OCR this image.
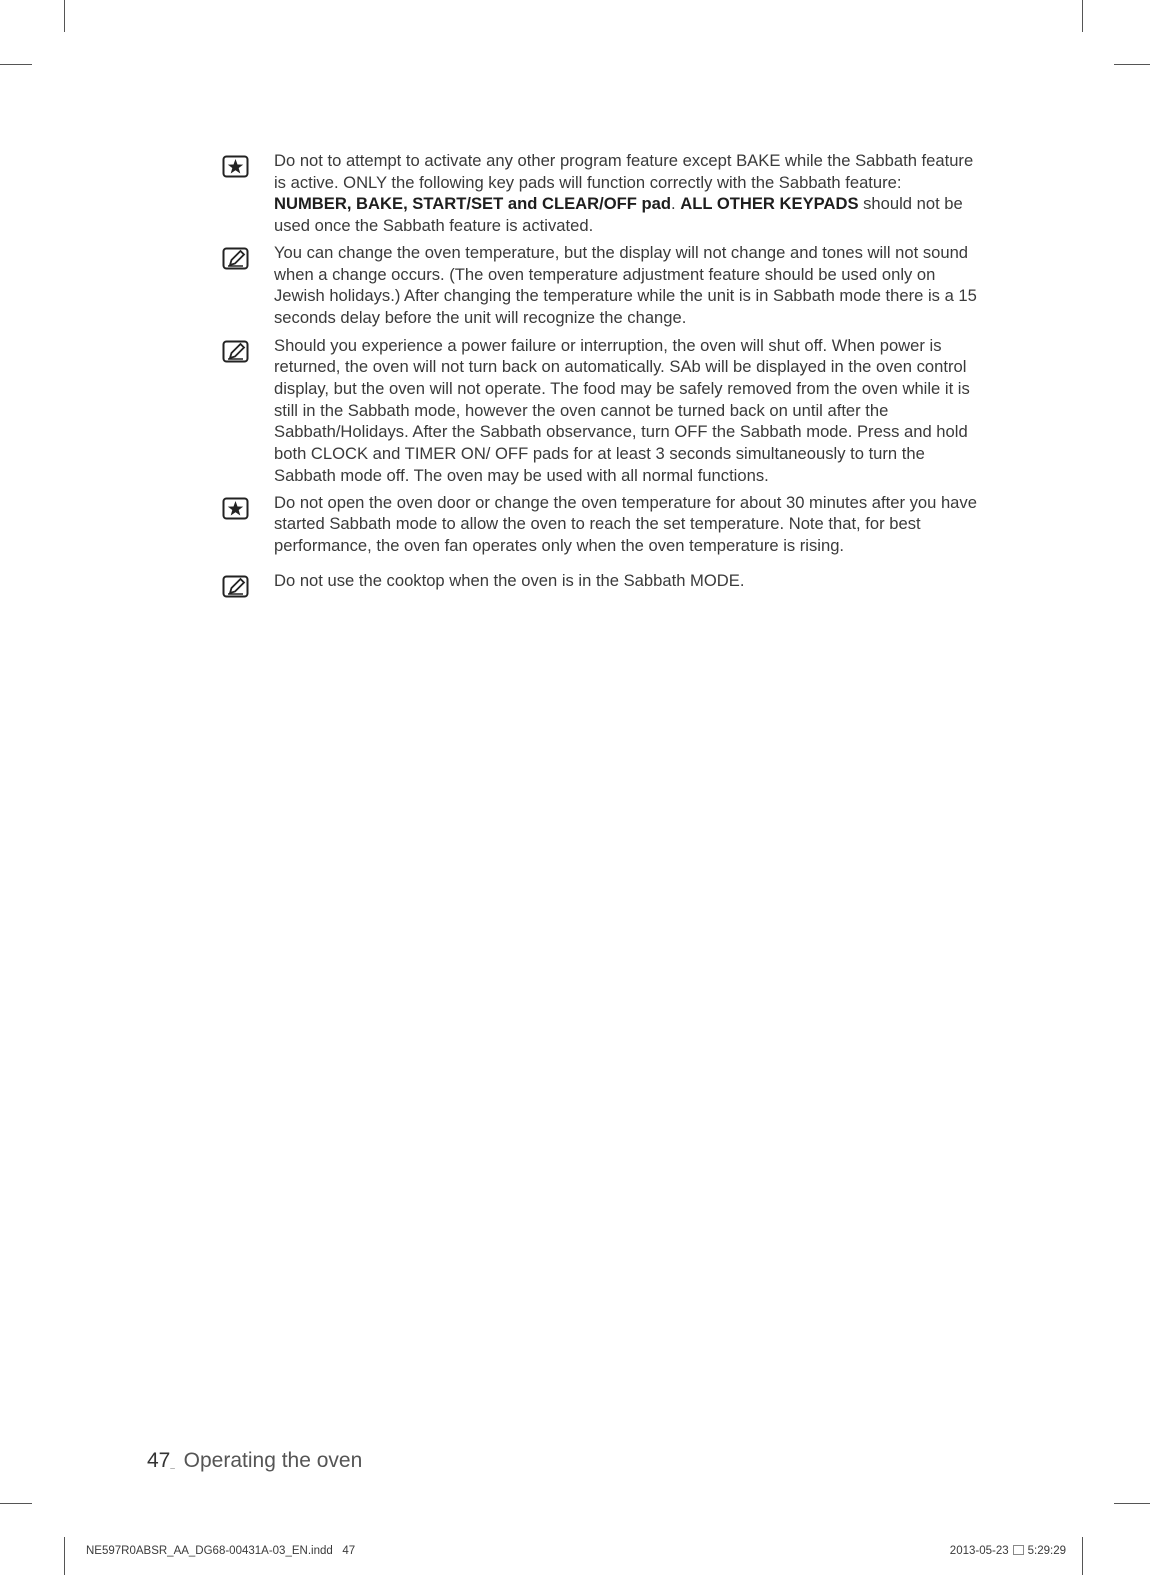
Do not to attempt to activate any other program feature except BAKE while the Sabbath feature is active. ONLY the following key pads will function correctly with the Sabbath feature: NUMBER, BAKE, START/SET and CLEAR/OFF pad. ALL OTHER KEYPADS should not be used once the Sabbath feature is activated.

You can change the oven temperature, but the display will not change and tones will not sound when a change occurs. (The oven temperature adjustment feature should be used only on Jewish holidays.) After changing the temperature while the unit is in Sabbath mode there is a 15 seconds delay before the unit will recognize the change.

Should you experience a power failure or interruption, the oven will shut off. When power is returned, the oven will not turn back on automatically. SAb will be displayed in the oven control display, but the oven will not operate. The food may be safely removed from the oven while it is still in the Sabbath mode, however the oven cannot be turned back on until after the Sabbath/Holidays. After the Sabbath observance, turn OFF the Sabbath mode. Press and hold both CLOCK and TIMER ON/ OFF pads for at least 3 seconds simultaneously to turn the Sabbath mode off. The oven may be used with all normal functions.

Do not open the oven door or change the oven temperature for about 30 minutes after you have started Sabbath mode to allow the oven to reach the set temperature. Note that, for best performance, the oven fan operates only when the oven temperature is rising.

Do not use the cooktop when the oven is in the Sabbath MODE.

47_ Operating the oven
NE597R0ABSR_AA_DG68-00431A-03_EN.indd   47	2013-05-23 5:29:29
